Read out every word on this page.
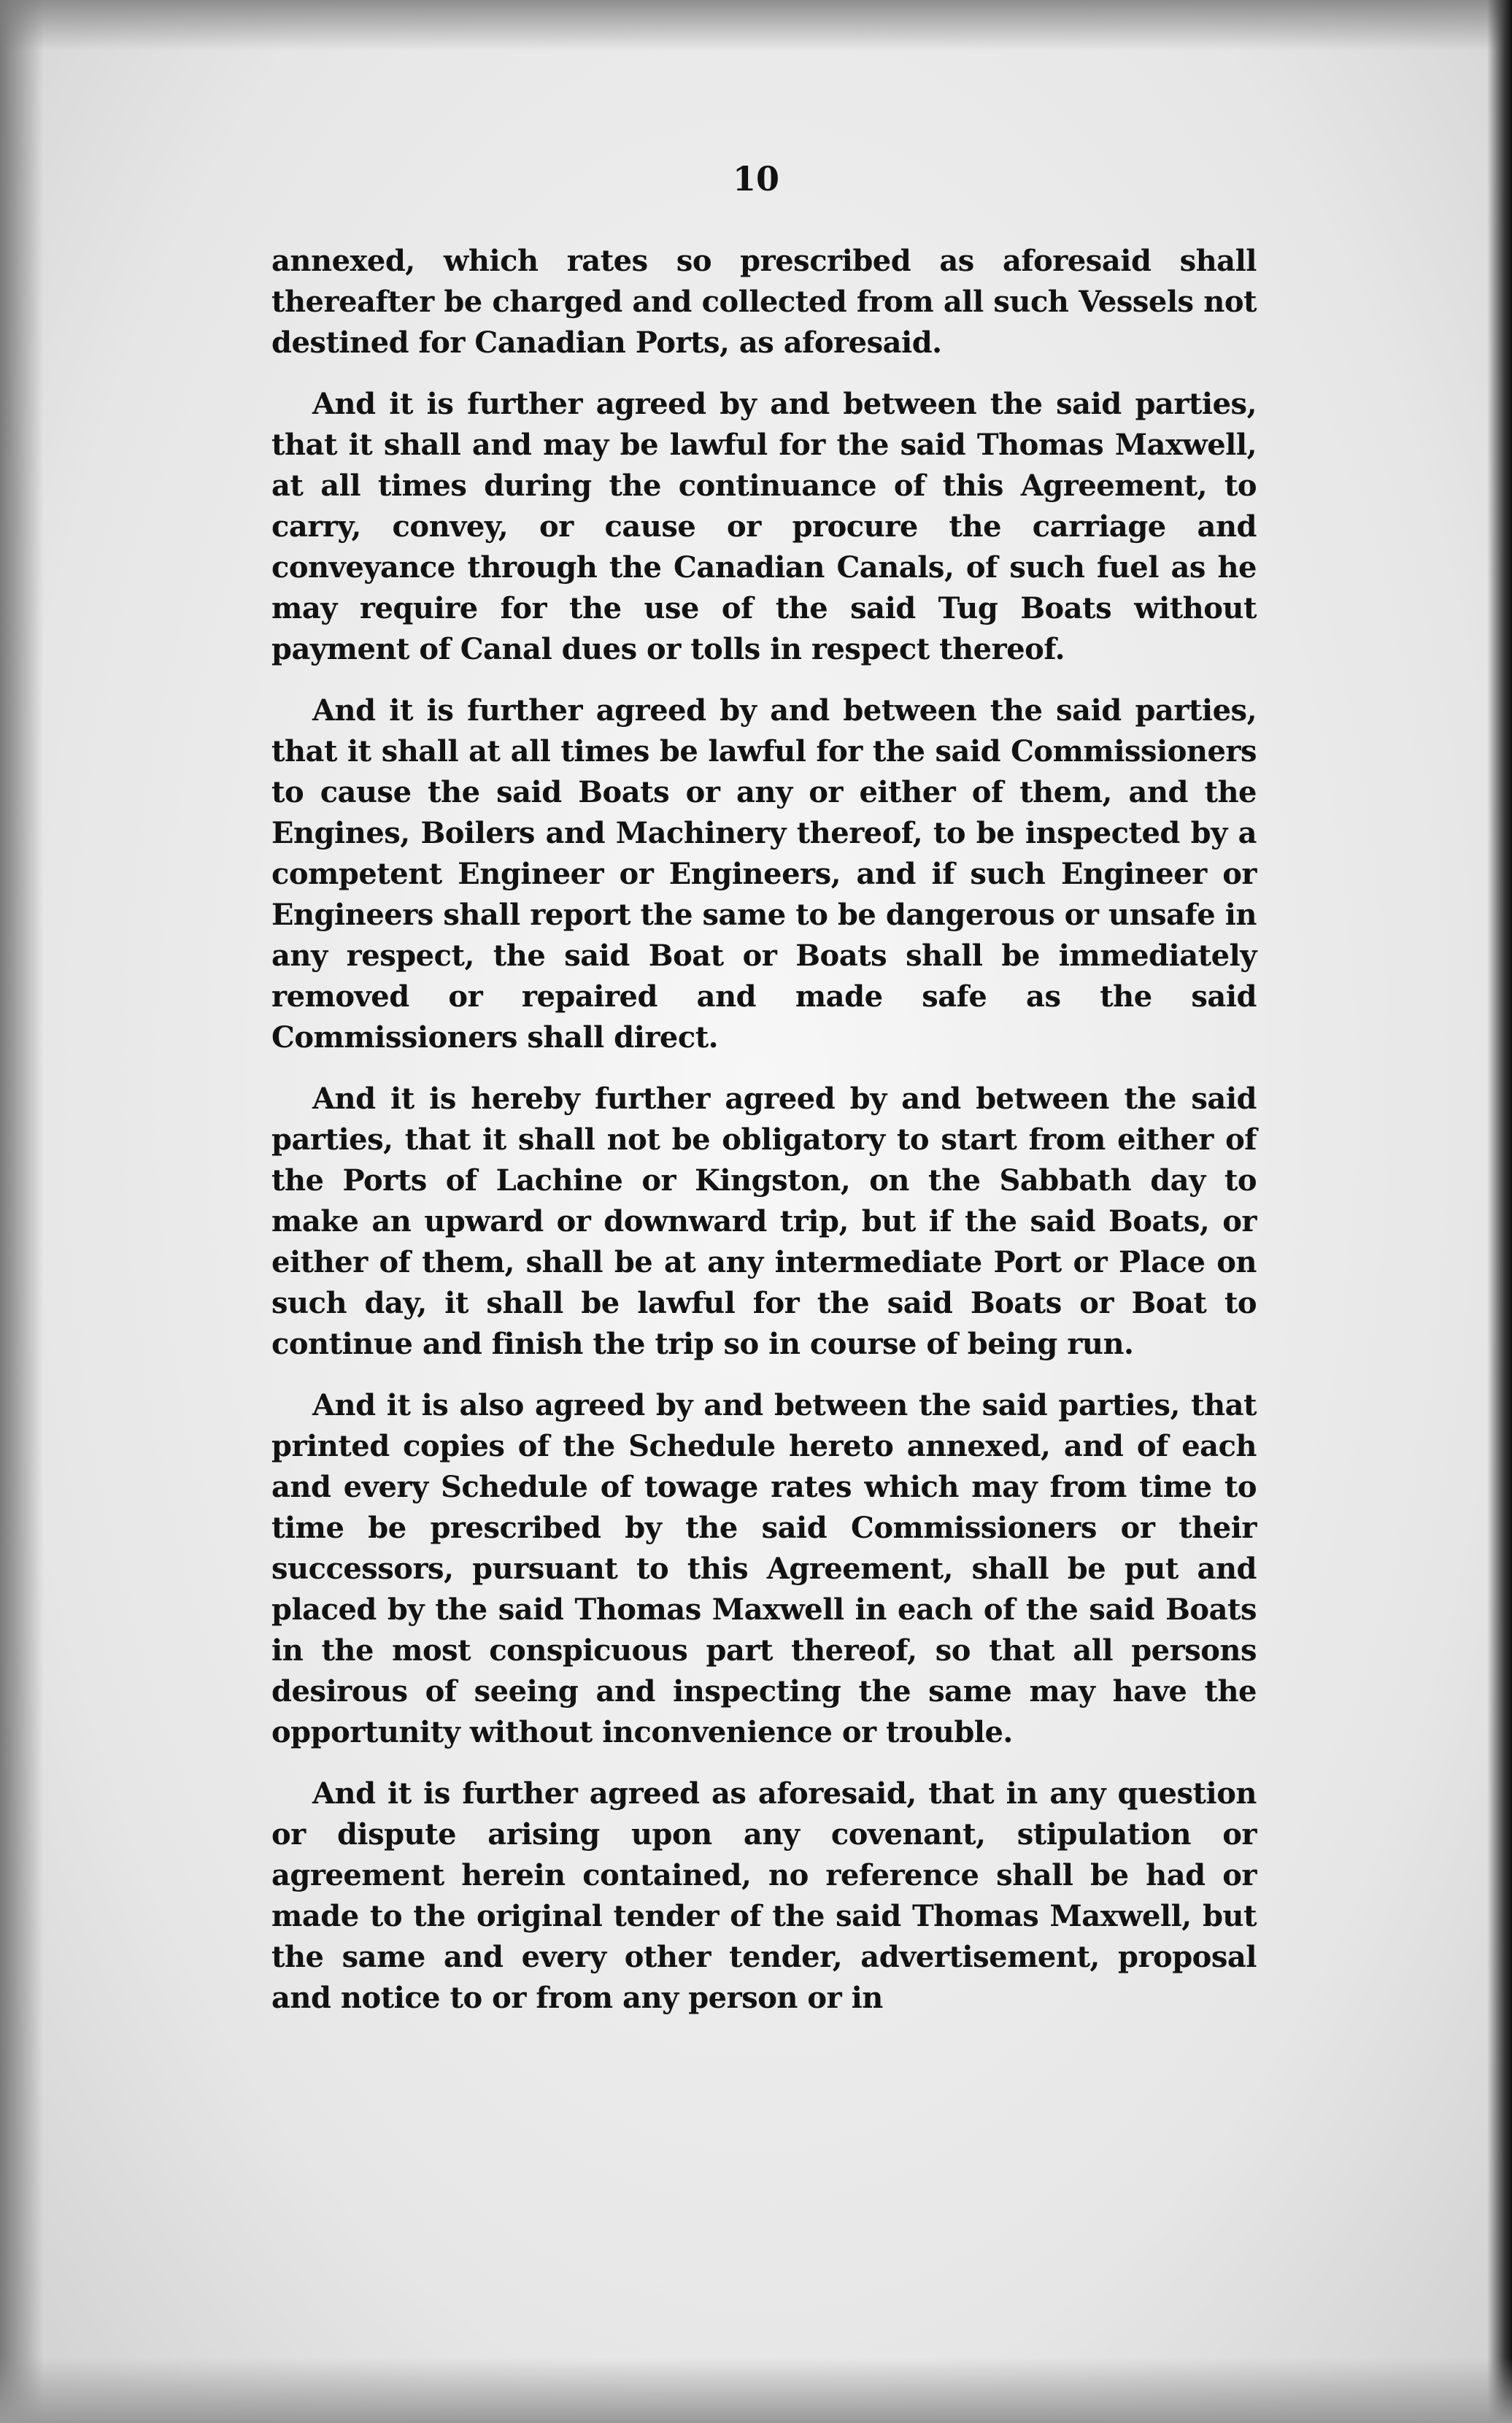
10

annexed, which rates so prescribed as aforesaid shall thereafter be charged and collected from all such Vessels not destined for Canadian Ports, as aforesaid.

And it is further agreed by and between the said parties, that it shall and may be lawful for the said Thomas Maxwell, at all times during the continuance of this Agreement, to carry, convey, or cause or procure the carriage and conveyance through the Canadian Canals, of such fuel as he may require for the use of the said Tug Boats without payment of Canal dues or tolls in respect thereof.

And it is further agreed by and between the said parties, that it shall at all times be lawful for the said Commissioners to cause the said Boats or any or either of them, and the Engines, Boilers and Machinery thereof, to be inspected by a competent Engineer or Engineers, and if such Engineer or Engineers shall report the same to be dangerous or unsafe in any respect, the said Boat or Boats shall be immediately removed or repaired and made safe as the said Commissioners shall direct.

And it is hereby further agreed by and between the said parties, that it shall not be obligatory to start from either of the Ports of Lachine or Kingston, on the Sabbath day to make an upward or downward trip, but if the said Boats, or either of them, shall be at any intermediate Port or Place on such day, it shall be lawful for the said Boats or Boat to continue and finish the trip so in course of being run.

And it is also agreed by and between the said parties, that printed copies of the Schedule hereto annexed, and of each and every Schedule of towage rates which may from time to time be prescribed by the said Commissioners or their successors, pursuant to this Agreement, shall be put and placed by the said Thomas Maxwell in each of the said Boats in the most conspicuous part thereof, so that all persons desirous of seeing and inspecting the same may have the opportunity without inconvenience or trouble.

And it is further agreed as aforesaid, that in any question or dispute arising upon any covenant, stipulation or agreement herein contained, no reference shall be had or made to the original tender of the said Thomas Maxwell, but the same and every other tender, advertisement, proposal and notice to or from any person or in
